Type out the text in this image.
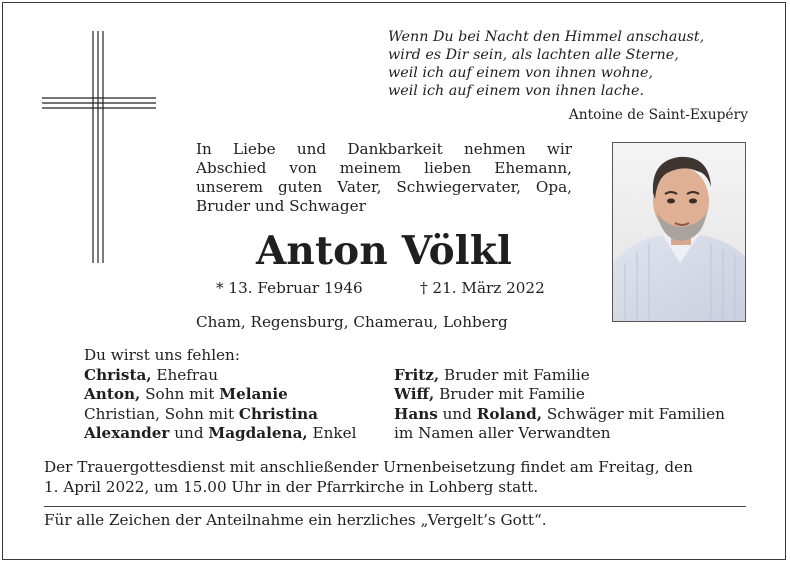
Wenn Du bei Nacht den Himmel anschaust,
wird es Dir sein, als lachten alle Sterne,
weil ich auf einem von ihnen wohne,
weil ich auf einem von ihnen lache.
Antoine de Saint-Exupéry
In Liebe und Dankbarkeit nehmen wir
Abschied von meinem lieben Ehemann,
unserem guten Vater, Schwiegervater, Opa,
Bruder und Schwager
Anton Völkl
* 13. Februar 1946	† 21. März 2022
Cham, Regensburg, Chamerau, Lohberg
Du wirst uns fehlen:
Christa, Ehefrau
Anton, Sohn mit Melanie
Christian, Sohn mit Christina
Alexander und Magdalena, Enkel
Fritz, Bruder mit Familie
Wiff, Bruder mit Familie
Hans und Roland, Schwäger mit Familien
im Namen aller Verwandten
Der Trauergottesdienst mit anschließender Urnenbeisetzung findet am Freitag, den
1. April 2022, um 15.00 Uhr in der Pfarrkirche in Lohberg statt.
Für alle Zeichen der Anteilnahme ein herzliches „Vergelt’s Gott“.
